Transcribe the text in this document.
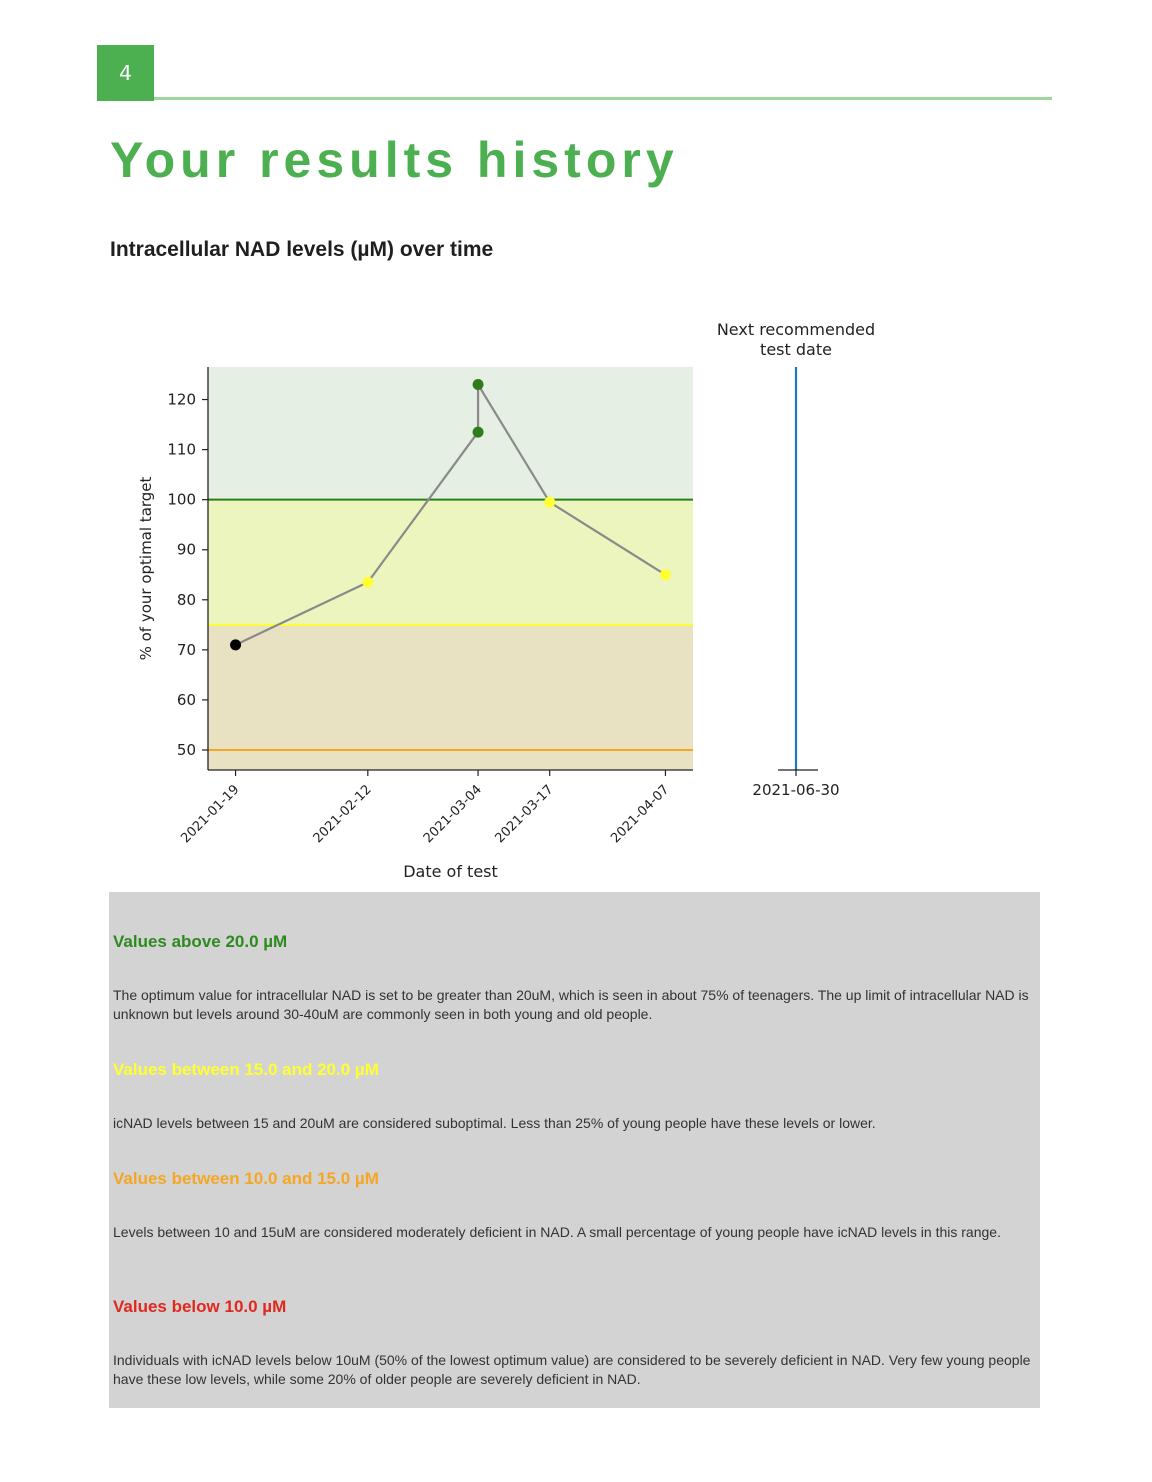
4
Your results history
Intracellular NAD levels (µM) over time
50
60
70
80
90
100
110
120
% of your optimal target
2021-01-19	2021-02-12	2021-03-04 2021-03-17	2021-04-07
Date of test
Next recommended
test date
2021-06-30

Values above 20.0 µM

The optimum value for intracellular NAD is set to be greater than 20uM, which is seen in about 75% of teenagers. The up limit of intracellular NAD is unknown but levels around 30-40uM are commonly seen in both young and old people.

Values between 15.0 and 20.0 µM

icNAD levels between 15 and 20uM are considered suboptimal. Less than 25% of young people have these levels or lower.

Values between 10.0 and 15.0 µM

Levels between 10 and 15uM are considered moderately deficient in NAD. A small percentage of young people have icNAD levels in this range.

Values below 10.0 µM

Individuals with icNAD levels below 10uM (50% of the lowest optimum value) are considered to be severely deficient in NAD. Very few young people have these low levels, while some 20% of older people are severely deficient in NAD.
